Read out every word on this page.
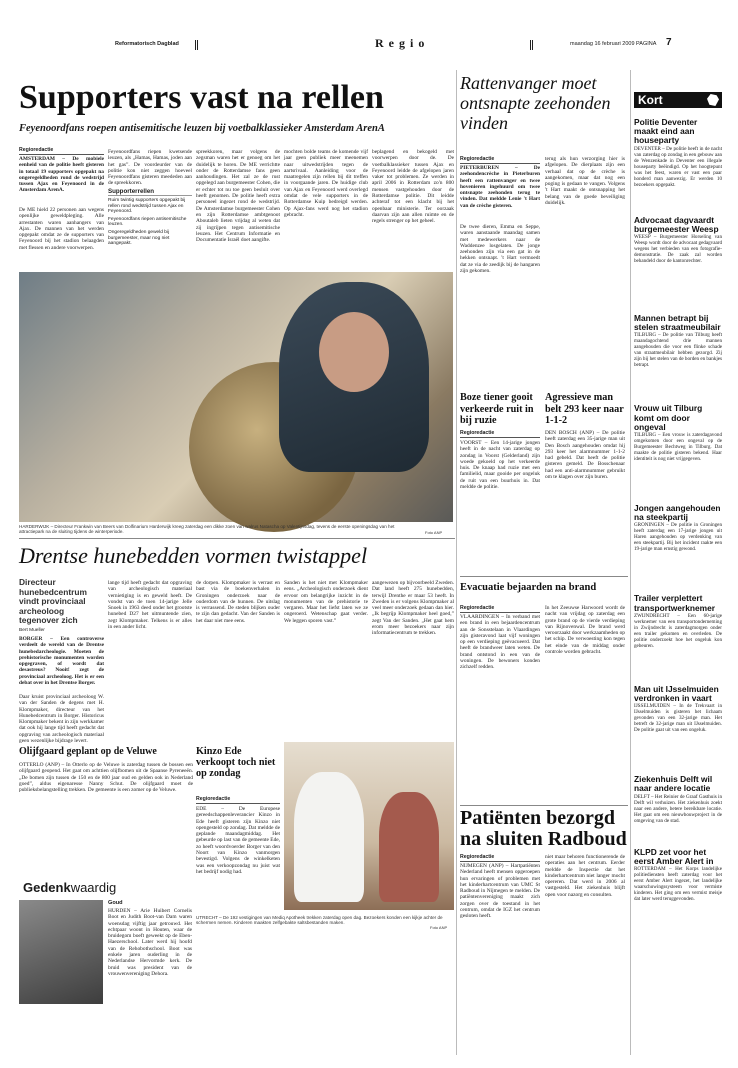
Reformatorisch Dagblad	R e g i o	maandag 16 februari 2009 PAGINA 7
Supporters vast na rellen
Feyenoordfans roepen antisemitische leuzen bij voetbalklassieker Amsterdam ArenA
Regioredactie
AMSTERDAM – De mobiele eenheid van de politie heeft gisteren in totaal 19 supporters opgepakt na ongeregeldheden rond de wedstrijd tussen Ajax en Feyenoord in de Amsterdam ArenA.
De ME hield 22 personen aan wegens openlijke geweldpleging. Alle arrestanten waren aanhangers van Ajax. De mannen van het werden opgepakt omdat ze de supporters van Feyenoord bij het stadion belaagden met flessen en andere voorwerpen.
Feyenoordfans riepen kwetsende leuzen, als „Hamas, Hamas, joden aan het gas”. De voordeurder van de politie kon niet zeggen hoeveel Feyenoordfans gisteren meededen aan de spreekkoren.
Supporterrellen
Ruim twintig supporters opgepakt bij rellen rond wedstrijd tussen Ajax en Feyenoord.
Feyenoordfans riepen antisemitische leuzen.
Ongeregeldheden geweld bij burgemeester, maar nog niet aangepakt.
spreekkoren, maar volgens de zegsman waren het er genoeg om het duidelijk te horen. De ME verrichtte onder de Rotterdamse fans geen aanhoudingen. Het zal ze de rust opgelegd aan burgemeester Cohen, die er echter tot nu toe geen besluit over heeft genomen. De politie heeft extra personeel ingezet rond de wedstrijd. De Amsterdamse burgemeester Cohen en zijn Rotterdamse ambtgenoot Aboutaleb lieten vrijdag al weten dat zij ingrijpen tegen antisemitische leuzen. Het Centrum Informatie en Documentatie Israël doet aangifte.
mochten bolde teams de komende vijf jaar geen publiek meer meenemen naar uitwedstrijden tegen de aartsrivaal. Aanleiding voor de maatregelen zijn rellen bij dit treffen in voorgaande jaren. De huidige club van Ajax en Feyenoord werd overlegd omdat de vele supporters in de Rotterdamse Kuip bedreigd werden. Op Ajax-fans werd nog het stadion gebracht.
beplagend en bekogeld met voorwerpen door de. De voetbalklassieker tussen Ajax en Feyenoord leidde de afgelopen jaren vaker tot problemen. Ze werden in april 2006 in Rotterdam zo'n 800 mensen vastgehouden door de Rotterdamse politie. Dit leidde achteraf tot een klacht bij het openbaar ministerie. Ter oorzaak daarvan zijn aan allen ruimte en de regels strenger op het geheel.
HARDERWIJK – Directeur Frankwin van Beers van Dolfinarium Harderwijk kreeg zaterdag een dikke zoen van walrus Natascha op Valentijnsdag, tevens de eerste openingsdag van het attractiepark na de sluiting tijdens de winterperiode.	Foto ANP
Rattenvanger moet ontsnapte zeehonden vinden
Regioredactie
PIETERBUREN – De zeehondencrèche in Pieterburen heeft een rattenvanger en twee hovenieren ingehuurd om twee ontsnapte zeehonden terug te vinden. Dat meldde Lenie 't Hart van de crèche gisteren.
De twee dieren, Emma en Seppe, waren aanstaande maandag samen met medewerkers naar de Waddenzee losgelaten. De jonge zeehonden zijn via een gat in de hekken ontsnapt. 't Hart vermoedt dat ze via de zeedijk bij de hangaren zijn gekomen.
terug als hun verzorging hier is afgelopen. De dierplaats zijn een verhaal dat op de crèche is aangekomen, maar dat nog een poging is gedaan te vangen. Volgens 't Hart maakt de ontsnapping het belang van de goede beveiliging duidelijk.
Boze tiener gooit verkeerde ruit in bij ruzie
Regioredactie
VOORST – Een 14-jarige jongen heeft in de nacht van zaterdag op zondag in Voorst (Gelderland) zijn woede gekoeld op het verkeerde huis. De knaap had ruzie met een familielid, maar gooide per ongeluk de ruit van een buurhuis in. Dat meldde de politie.
Agressieve man belt 293 keer naar 1-1-2
DEN BOSCH (ANP) – De politie heeft zaterdag een 35-jarige man uit Den Bosch aangehouden omdat hij 293 keer het alarmnummer 1-1-2 had gebeld. Dat heeft de politie gisteren gemeld. De Bosschenaar had een anti-alarmnummer gebruikt om te klagen over zijn buren.
Drentse hunebedden vormen twistappel
Directeur hunebedcentrum vindt provinciaal archeoloog tegenover zich
Bert Mueller
BORGER – Een controverse verdeelt de wereld van de Drentse hunebedarcheologie. Moeten de prehistorische monumenten worden opgegraven, of wordt dat desastreus? Nooit! zegt de provinciaal archeoloog. Het is er een debat over in het Drentse Borger.
Daar kruist provinciaal archeoloog W. van der Sanden de degens met H. Klompmaker, directeur van het Hunebedcentrum in Borger. Historicus Klompmaker bekent in zijn werkkamer dat ook hij lange tijd heeft gedacht dat opgraving van archeologisch materiaal geen wezenlijke bijdrage levert.
lange tijd heeft gedacht dat opgraving van archeologisch materiaal vernietiging is en geweld heeft. De vondst van de toen 14-jarige Jelle Snoek in 1963 deed onder het grootste hunebed D27 het uitmuntende zien, zegt Klompmaker. Telkens is er alles in een ander licht.
de dorpen. Klompmaker is verrast en bast via de boekenverhalen in Groningen onderzoek naar de ouderdom van de hunnen. De uitslag is verrassend. De steden blijken ouder te zijn dan gedacht. Van der Sanden is het daar niet mee eens.
Sanden is het niet met Klompmaker eens. „Archeologisch onderzoek dient ervoor om belangrijke inzicht in de monumenten van de prehistorie te vergaren. Maar het liefst laten we ze ongeroerd. Wetenschap gaat verder. We leggen sporen vast.”
aangewezen op bijvoorbeeld Zweden. Dat land heeft 275 hunebedden, terwijl Drenthe er maar 53 heeft. In Zweden is er volgens Klompmaker al veel meer onderzoek gedaan dan hier. „Ik begrijp Klompmaker heel goed,” zegt Van der Sanden. „Het gaat hem erom meer bezoekers naar zijn informatiecentrum te trekken.
Olijfgaard geplant op de Veluwe
OTTERLO (ANP) – In Otterlo op de Veluwe is zaterdag tussen de bossen een olijfgaard geopend. Het gaat om achttien olijfbomen uit de Spaanse Pyreneeën. „De bomen zijn tussen de 150 en de 800 jaar oud en gelden ook in Nederland goed”, aldus eigenaresse Nanny Schut. De olijfgaard moet de publieksbelangstelling trekken. De gemeente is een zomer op de Veluwe.
Gedenkwaardig
Goud
HURDEN – Arie Huibert Cornelis Boot en Judith Boot-van Dam waren woensdag vijftig jaar getrouwd. Het echtpaar woont in Houten, waar de bruidegom boeft geweekt op de Eben-Haezerschool. Later werd hij hoofd van de Rehobothschool. Boot was enkele jaren ouderling in de Nederlandse Hervormde kerk. De bruid was president van de vrouwenvereniging Dehora.
Kinzo Ede verkoopt toch niet op zondag
Regioredactie
EDE – De Europese gereedschappenleverancier Kinzo in Ede heeft gisteren zijn Kinzo niet opengesteld op zondag. Dat meldde de geplande maandagmiddag. Het gebeurde op last van de gemeente Ede, zo heeft woordvoerder Borger van den Noort van Kinzo vanmorgen bevestigd. Volgens de winkelketen was een verkoopzondag nu juist wat het bedrijf nodig had.
UTRECHT – De 192 vestigingen van Mediq Apotheek trekken zaterdag open dag. Bezoekers konden een kijkje achter de schermen nemen. Kinderen maakten zelfgebakte saltsbestanden maken.
Foto ANP
Evacuatie bejaarden na brand
Regioredactie
VLAARDINGEN – In verband met een brand in een bejaardencentrum aan de Sonsstelaan in Vlaardingen zijn gisteravond laat vijf woningen op een verdieping geëvacueerd. Dat heeft de brandweer laten weten. De brand ontstond in een van de woningen. De bewoners konden zichzelf redden.
In het Zeeuwse Harwoord wordt de nacht van vrijdag op zaterdag een grote brand op de vierde verdieping van Rijnovenwal. De brand werd veroorzaakt door werkzaamheden op het schip. De verwoesting kon tegen het einde van de middag onder controle worden gebracht.
Patiënten bezorgd na sluiten Radboud
Regioredactie
NIJMEGEN (ANP) – Hartpatiënten Nederland heeft mensen opgeroepen hun ervaringen of problemen met het kinderhartcentrum van UMC St Radboud in Nijmegen te melden. De patiëntenvereniging maakt zich zorgen over de toestand in het centrum, omdat de IGZ het centrum gesloten heeft.
niet maar behoren functionerende de operaties aan het centrum. Eerder meldde de Inspectie dat het kinderhartcentrum niet langer mocht opereren. Dat werd in 2006 al vastgesteld. Het ziekenhuis blijft open voor nazorg en consulten.
Kort
Politie Deventer maakt eind aan houseparty
DEVENTER – De politie heeft in de nacht van zaterdag op zondag in een gebouw aan de Wenzenkade in Deventer een illegale houseparty beëindigd. Op het hoogtepunt was het feest, waren er vast een paar honderd man aanwezig. Er werden 10 bezoekers opgepakt.
Advocaat dagvaardt burgemeester Weesp
WEESP – Burgemeester Horseling van Weesp wordt door de advocaat gedagvaard wegens het verbieden van een fotografie-demonstratie. De zaak zal worden behandeld door de kantonrechter.
Mannen betrapt bij stelen straatmeubilair
TILBURG – De politie van Tilburg heeft maandagochtend drie mannen aangehouden die voor een flinke schade van straatmeubilair hebben gezorgd. Zij zijn bij het stelen van de borden en bankjes betrapt.
Vrouw uit Tilburg komt om door ongeval
TILBURG – Een vrouw is zaterdagavond omgekomen door een ongeval op de Burgemeester Bechtweg in Tilburg. Dat maakte de politie gisteren bekend. Haar identiteit is nog niet vrijgegeven.
Jongen aangehouden na steekpartij
GRONINGEN – De politie in Groningen heeft zaterdag een 17-jarige jongen uit Haren aangehouden op verdenking van een steekpartij. Bij het incident raakte een 19-jarige man ernstig gewond.
Trailer verplettert transportwerknemer
ZWIJNDRECHT – Een 60-jarige werknemer van een transportonderneming in Zwijndrecht is zaterdagmorgen onder een trailer gekomen en overleden. De politie onderzoekt hoe het ongeluk kon gebeuren.
Man uit IJsselmuiden verdronken in vaart
IJSSELMUIDEN – In de Trekvaart in IJsselmuiden is gisteren het lichaam gevonden van een 32-jarige man. Het betreft de 32-jarige man uit IJsselmuiden. De politie gaat uit van een ongeluk.
Ziekenhuis Delft wil naar andere locatie
DELFT – Het Reinier de Graaf Gasthuis in Delft wil verhuizen. Het ziekenhuis zoekt naar een andere, betere bereikbare locatie. Het gaat om een nieuwbouwproject in de omgeving van de stad.
KLPD zet voor het eerst Amber Alert in
ROTTERDAM – Het Korps landelijke politiediensten heeft zaterdag voor het eerst Amber Alert ingezet, het landelijke waarschuwingssysteem voor vermiste kinderen. Het ging om een vermist meisje dat later werd teruggevonden.
